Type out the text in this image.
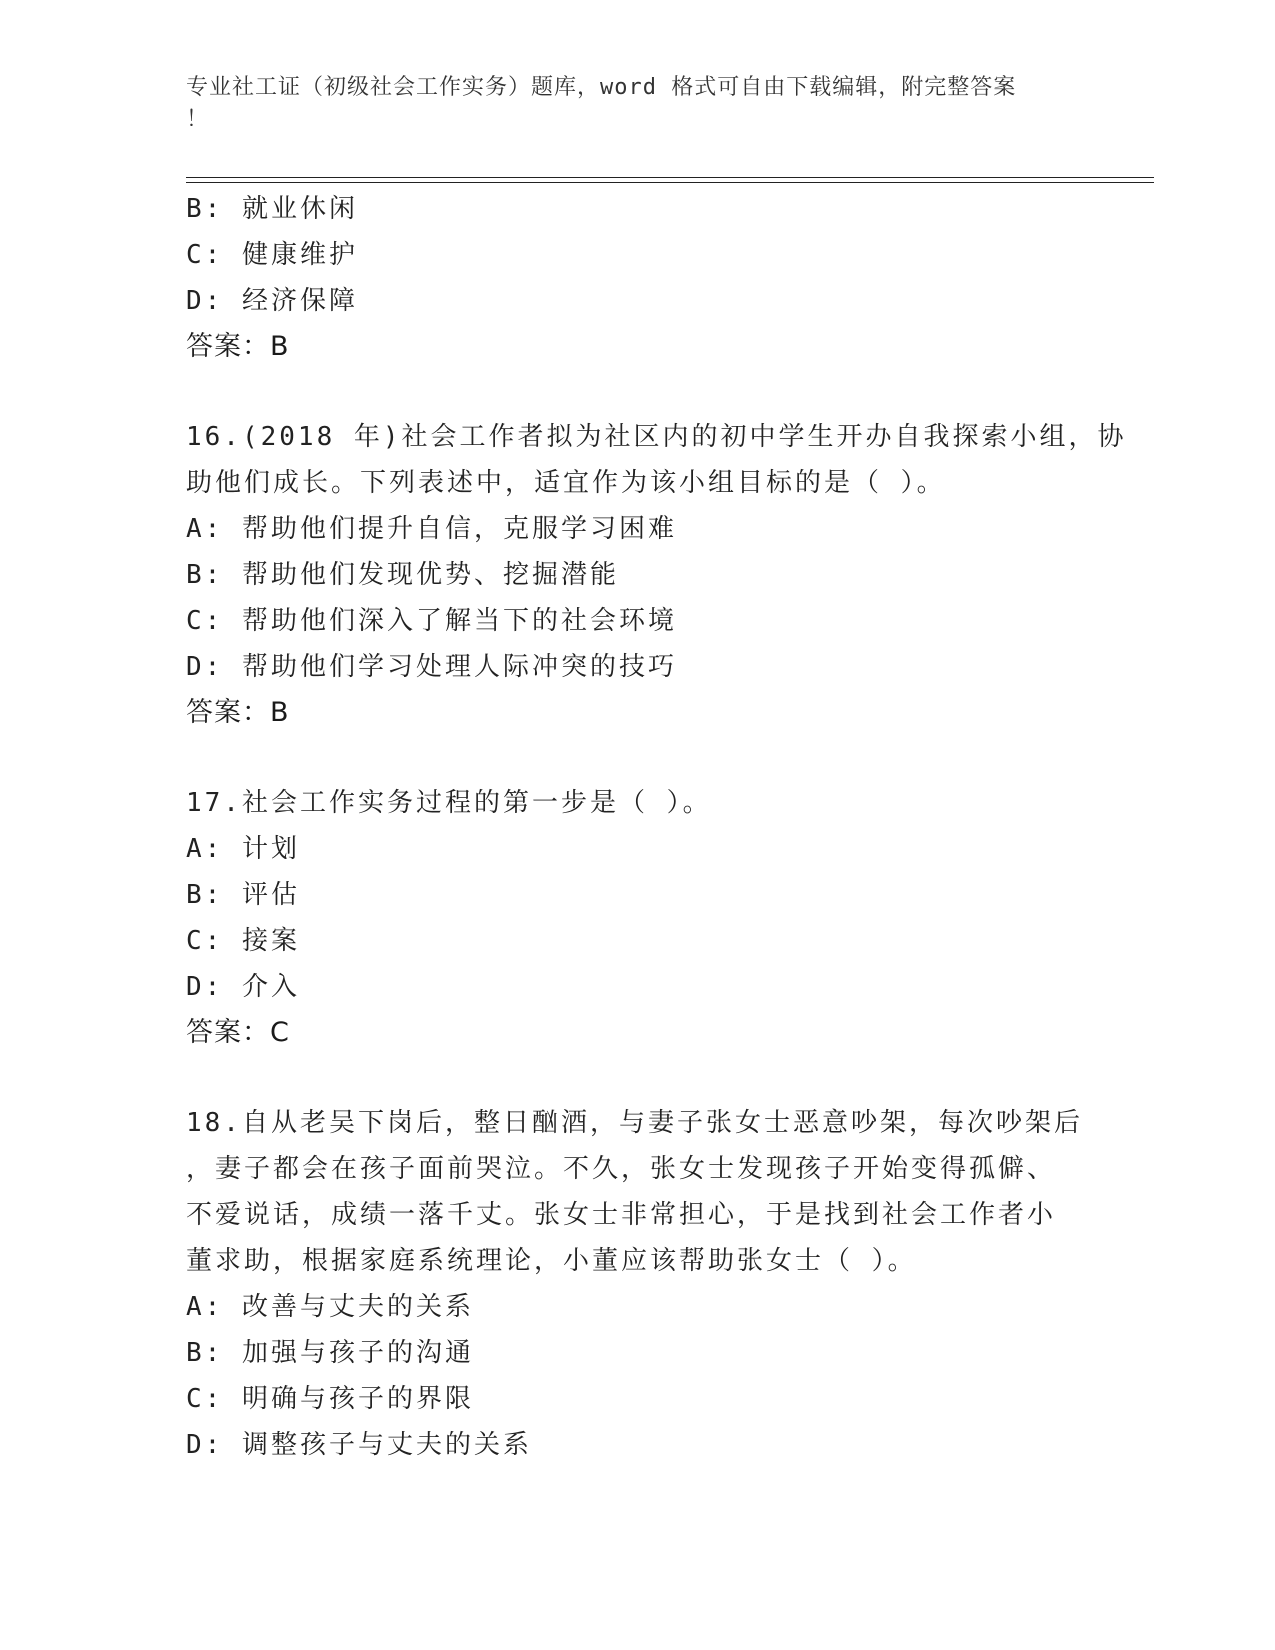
专业社工证（初级社会工作实务）题库，word 格式可自由下载编辑，附完整答案
！
B: 就业休闲
C: 健康维护
D: 经济保障
答案：B
16.(2018 年)社会工作者拟为社区内的初中学生开办自我探索小组，协
助他们成长。下列表述中，适宜作为该小组目标的是（ ）。
A: 帮助他们提升自信，克服学习困难
B: 帮助他们发现优势、挖掘潜能
C: 帮助他们深入了解当下的社会环境
D: 帮助他们学习处理人际冲突的技巧
答案：B
17.社会工作实务过程的第一步是（ ）。
A: 计划
B: 评估
C: 接案
D: 介入
答案：C
18.自从老吴下岗后，整日酗酒，与妻子张女士恶意吵架，每次吵架后
，妻子都会在孩子面前哭泣。不久，张女士发现孩子开始变得孤僻、
不爱说话，成绩一落千丈。张女士非常担心，于是找到社会工作者小
董求助，根据家庭系统理论，小董应该帮助张女士（ ）。
A: 改善与丈夫的关系
B: 加强与孩子的沟通
C: 明确与孩子的界限
D: 调整孩子与丈夫的关系
